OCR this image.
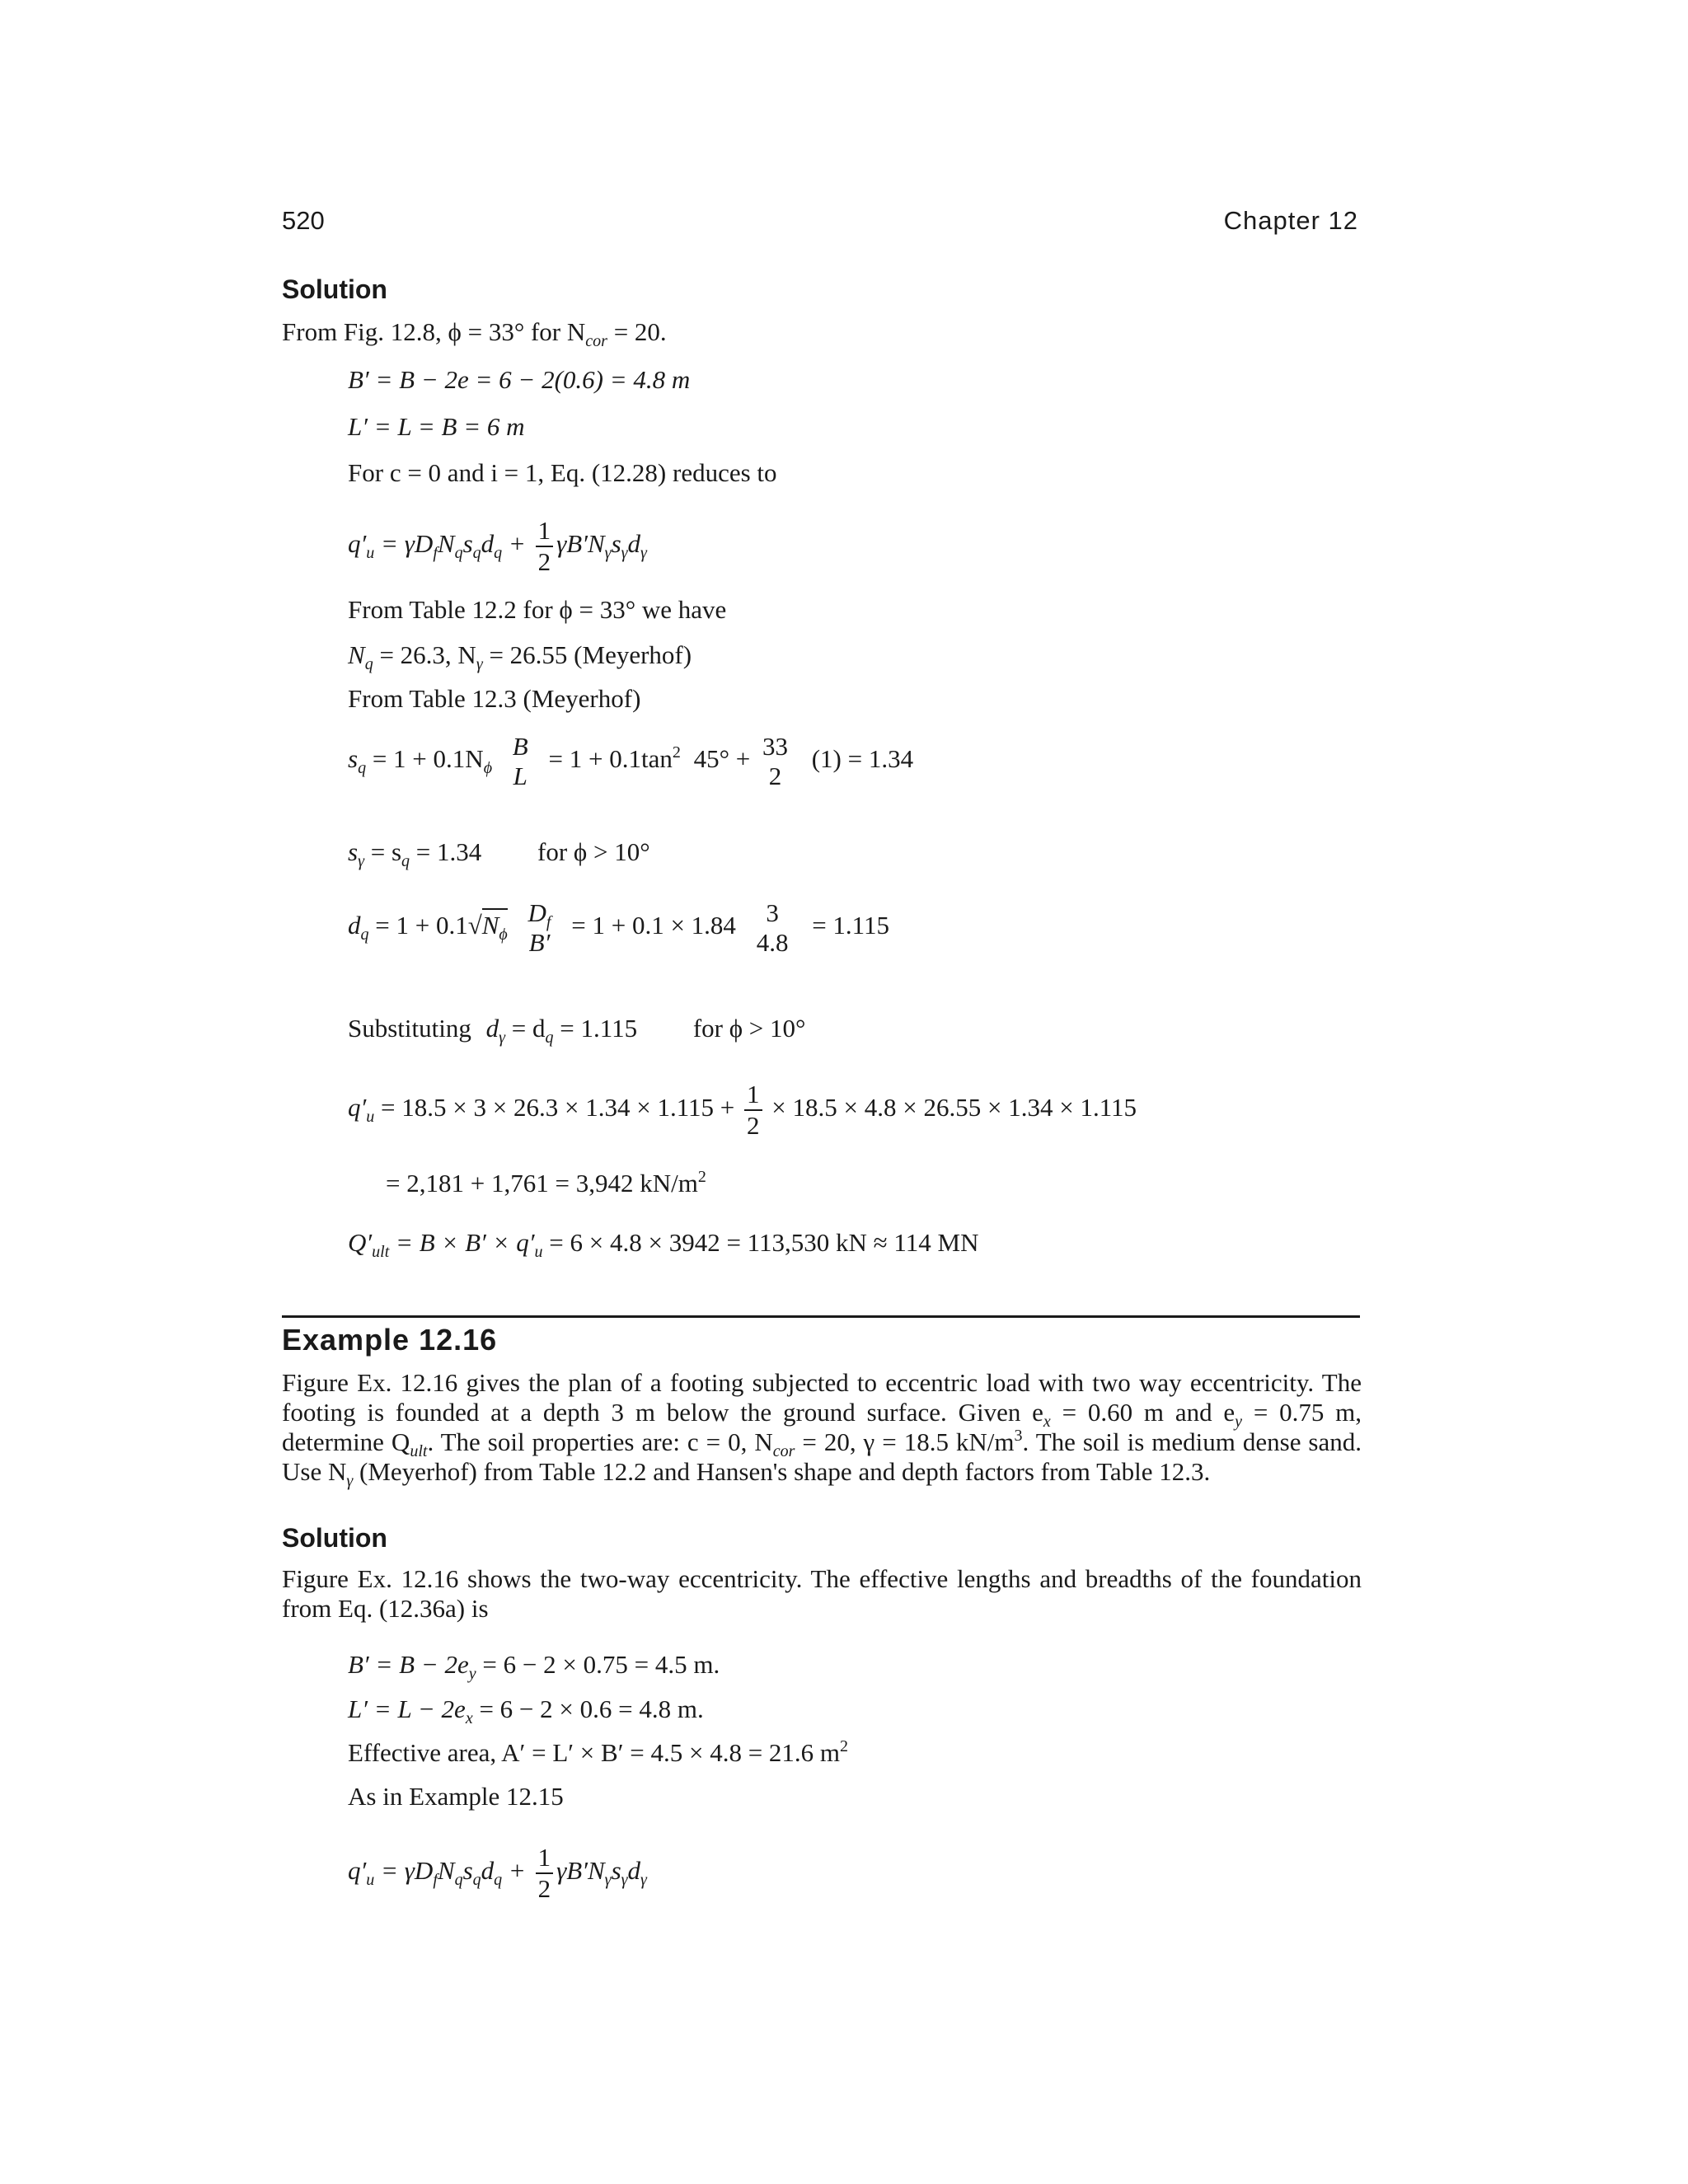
520	Chapter 12
Solution
From Fig. 12.8, ϕ = 33° for $N_{cor} = 20$.
B′ = B − 2e = 6 − 2(0.6) = 4.8 m
L′ = L = B = 6 m
For c = 0 and i = 1, Eq. (12.28) reduces to
$q'_u = \gamma D_fN_qs_qd_q + \frac{1}{2} \gamma B'N_\gamma s_\gamma d_\gamma$
From Table 12.2 for ϕ = 33° we have
$N_q = 26.3$, $N_\gamma = 26.55$ (Meyerhof)
From Table 12.3 (Meyerhof)
$s_q = 1 + 0.1N_\phi$
B
L
= $1 + 0.1\tan^2$ 45° + 33
2
(1) = 1.34
$s_\gamma = s_q = 1.34$ for ϕ > 10°
$d_q = 1 + 0.1√N_\phi$
$D_f$
B′
= 1 + 0.1 × 1.84	3
4.8
= 1.115
Substituting $d_\gamma = d_q = 1.115$ for ϕ > 10°
$q'_u = 18.5 \times 3 \times 26.3 \times 1.34 \times 1.115 + \frac{1}{2} \times 18.5 \times 4.8 \times 26.55 \times 1.34 \times 1.115$
= 2,181 + 1,761 = 3,942 $kN/m^2$
$Q'_{ult} = B \times B' \times q'_u = 6 \times 4.8 \times 3942 = 113,530$ kN ≈ 114 MN
Example 12.16
Figure Ex. 12.16 gives the plan of a footing subjected to eccentric load with two way eccentricity. The footing is founded at a depth 3 m below the ground surface. Given $e_x = 0.60$ m and $e_y = 0.75$ m, determine $Q_{ult}$. The soil properties are: c = 0, $N_{cor} = 20$, γ = 18.5 $kN/m^3$. The soil is medium dense sand. Use $N_\gamma$ (Meyerhof) from Table 12.2 and Hansen's shape and depth factors from Table 12.3.
Solution
Figure Ex. 12.16 shows the two-way eccentricity. The effective lengths and breadths of the foundation from Eq. (12.36a) is
$B' = B - 2e_y = 6 - 2 \times 0.75 = 4.5$ m.
$L' = L - 2e_x = 6 - 2 \times 0.6 = 4.8$ m.
Effective area, A′ = L′ × B′ = 4.5 × 4.8 = 21.6 $m^2$
As in Example 12.15
$q'_u = \gamma D_fN_qs_qd_q + \frac{1}{2} \gamma B'N_\gamma s_\gamma d_\gamma$
